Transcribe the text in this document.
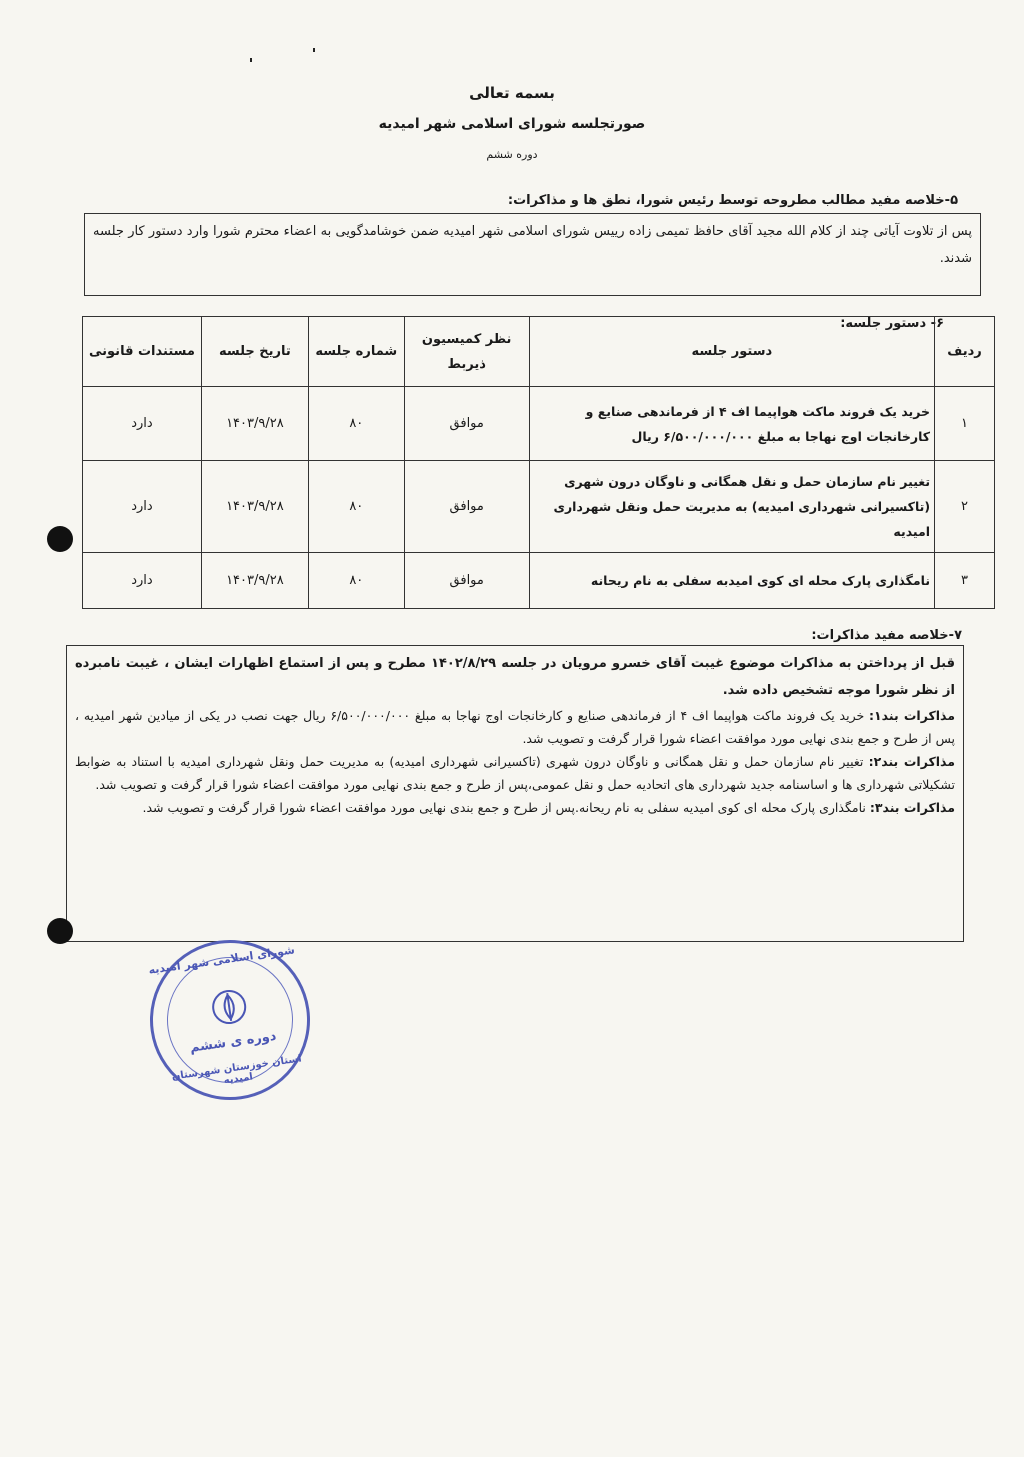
بسمه تعالی
صورتجلسه شورای اسلامی شهر امیدیه
دوره ششم
۵-خلاصه مفید مطالب مطروحه توسط رئیس شورا، نطق ها و مذاکرات:
پس از تلاوت آیاتی چند از کلام الله مجید آقای حافظ تمیمی زاده رییس شورای اسلامی شهر امیدیه ضمن خوشامدگویی به اعضاء محترم شورا وارد دستور کار جلسه شدند.
۶- دستور جلسه:
ردیف	دستور جلسه	نظر کمیسیون ذیربط	شماره جلسه	تاریخ جلسه	مستندات قانونی
۱	خرید یک فروند ماکت هواپیما اف ۴ از فرماندهی صنایع و کارخانجات اوج نهاجا به مبلغ ۶/۵۰۰/۰۰۰/۰۰۰ ریال	موافق	۸۰	۱۴۰۳/۹/۲۸	دارد
۲	تغییر نام سازمان حمل و نقل همگانی و ناوگان درون شهری (تاکسیرانی شهرداری امیدیه) به مدیریت حمل ونقل شهرداری امیدیه	موافق	۸۰	۱۴۰۳/۹/۲۸	دارد
۳	نامگذاری پارک محله ای کوی امیدبه سفلی به نام ریحانه	موافق	۸۰	۱۴۰۳/۹/۲۸	دارد
۷-خلاصه مفید مذاکرات:

قبل از پرداختن به مذاکرات موضوع غیبت آقای خسرو مرویان در جلسه ۱۴۰۲/۸/۲۹ مطرح و پس از استماع اظهارات ایشان ، غیبت نامبرده از نظر شورا موجه تشخیص داده شد.

مذاکرات بند۱: خرید یک فروند ماکت هواپیما اف ۴ از فرماندهی صنایع و کارخانجات اوج نهاجا به مبلغ ۶/۵۰۰/۰۰۰/۰۰۰ ریال جهت نصب در یکی از میادین شهر امیدیه ، پس از طرح و جمع بندی نهایی مورد موافقت اعضاء شورا قرار گرفت و تصویب شد.

مذاکرات بند۲: تغییر نام سازمان حمل و نقل همگانی و ناوگان درون شهری (تاکسیرانی شهرداری امیدیه) به مدیریت حمل ونقل شهرداری امیدیه با استناد به ضوابط تشکیلاتی شهرداری ها و اساسنامه جدید شهرداری های اتحادیه حمل و نقل عمومی،پس از طرح و جمع بندی نهایی مورد موافقت اعضاء شورا قرار گرفت و تصویب شد.

مذاکرات بند۳: نامگذاری پارک محله ای کوی امیدیه سفلی به نام ریحانه.پس از طرح و جمع بندی نهایی مورد موافقت اعضاء شورا قرار گرفت و تصویب شد.

شورای اسلامی شهر امیدیه
دوره ی ششم
استان خوزستان شهرستان امیدیه
